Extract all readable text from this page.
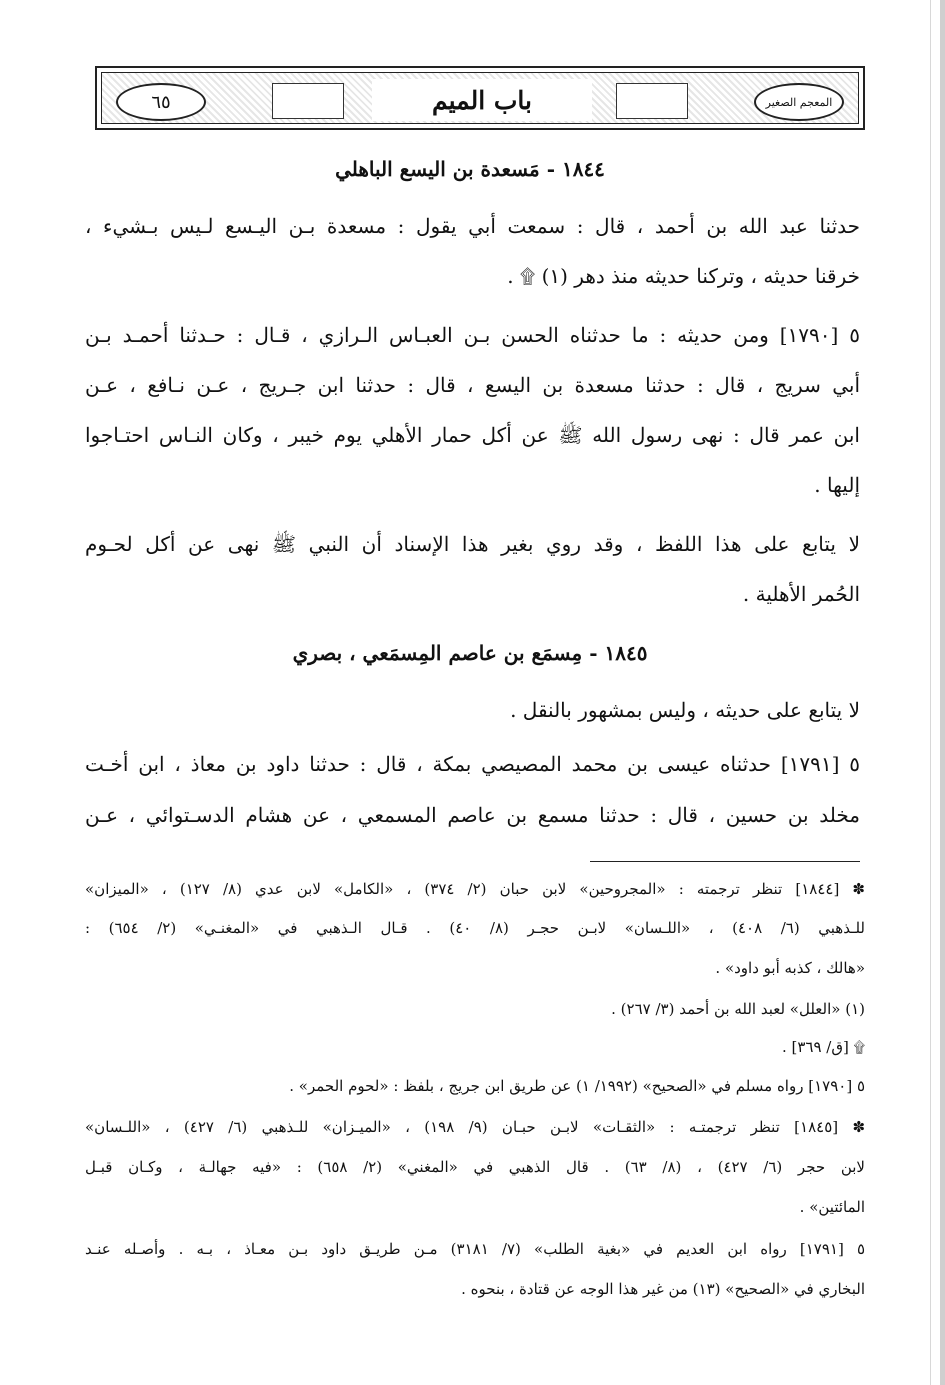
٦٥	باب الميم	المعجم الصغير
١٨٤٤ - مَسعدة بن اليسع الباهلي
حدثنا عبد الله بن أحمد ، قال : سمعت أبي يقول : مسعدة بـن اليـسع لـيس بـشيء ،
خرقنا حديثه ، وتركنا حديثه منذ دهر (١) ۩ .
٥ [١٧٩٠] ومن حديثه : ما حدثناه الحسن بـن العبـاس الـرازي ، قـال : حـدثنا أحمـد بـن
أبي سريج ، قال : حدثنا مسعدة بن اليسع ، قال : حدثنا ابن جـريج ، عـن نـافع ، عـن
ابن عمر قال : نهى رسول الله ﷺ عن أكل حمار الأهلي يوم خيبر ، وكان النـاس احتـاجوا
إليها .
لا يتابع على هذا اللفظ ، وقد روي بغير هذا الإسناد أن النبي ﷺ نهى عن أكل لحـوم
الحُمر الأهلية .
١٨٤٥ - مِسمَع بن عاصم المِسمَعي ، بصري
لا يتابع على حديثه ، وليس بمشهور بالنقل .
٥ [١٧٩١] حدثناه عيسى بن محمد المصيصي بمكة ، قال : حدثنا داود بن معاذ ، ابن أخـت
مخلد بن حسين ، قال : حدثنا مسمع بن عاصم المسمعي ، عن هشام الدسـتوائي ، عـن
✽ [١٨٤٤] تنظر ترجمته : «المجروحين» لابن حبان (٢/ ٣٧٤) ، «الكامل» لابن عدي (٨/ ١٢٧) ، «الميزان»
للـذهبي (٦/ ٤٠٨) ، «اللـسان» لابـن حجـر (٨/ ٤٠) . قـال الـذهبي في «المغنـي» (٢/ ٦٥٤) :
«هالك ، كذبه أبو داود» .
(١) «العلل» لعبد الله بن أحمد (٣/ ٢٦٧) .
۩ [ق/ ٣٦٩] .
٥ [١٧٩٠] رواه مسلم في «الصحيح» (١٩٩٢/ ١) عن طريق ابن جريج ، بلفظ : «لحوم الحمر» .
✽ [١٨٤٥] تنظر ترجمتـه : «الثقـات» لابـن حبـان (٩/ ١٩٨) ، «الميـزان» للـذهبي (٦/ ٤٢٧) ، «اللـسان»
لابن حجر (٦/ ٤٢٧) ، (٨/ ٦٣) . قال الذهبي في «المغني» (٢/ ٦٥٨) : «فيه جهالـة ، وكـان قبـل
المائتين» .
٥ [١٧٩١] رواه ابن العديم في «بغية الطلب» (٧/ ٣١٨١) مـن طريـق داود بـن معـاذ ، بـه . وأصـله عنـد
البخاري في «الصحيح» (١٣) من غير هذا الوجه عن قتادة ، بنحوه .
